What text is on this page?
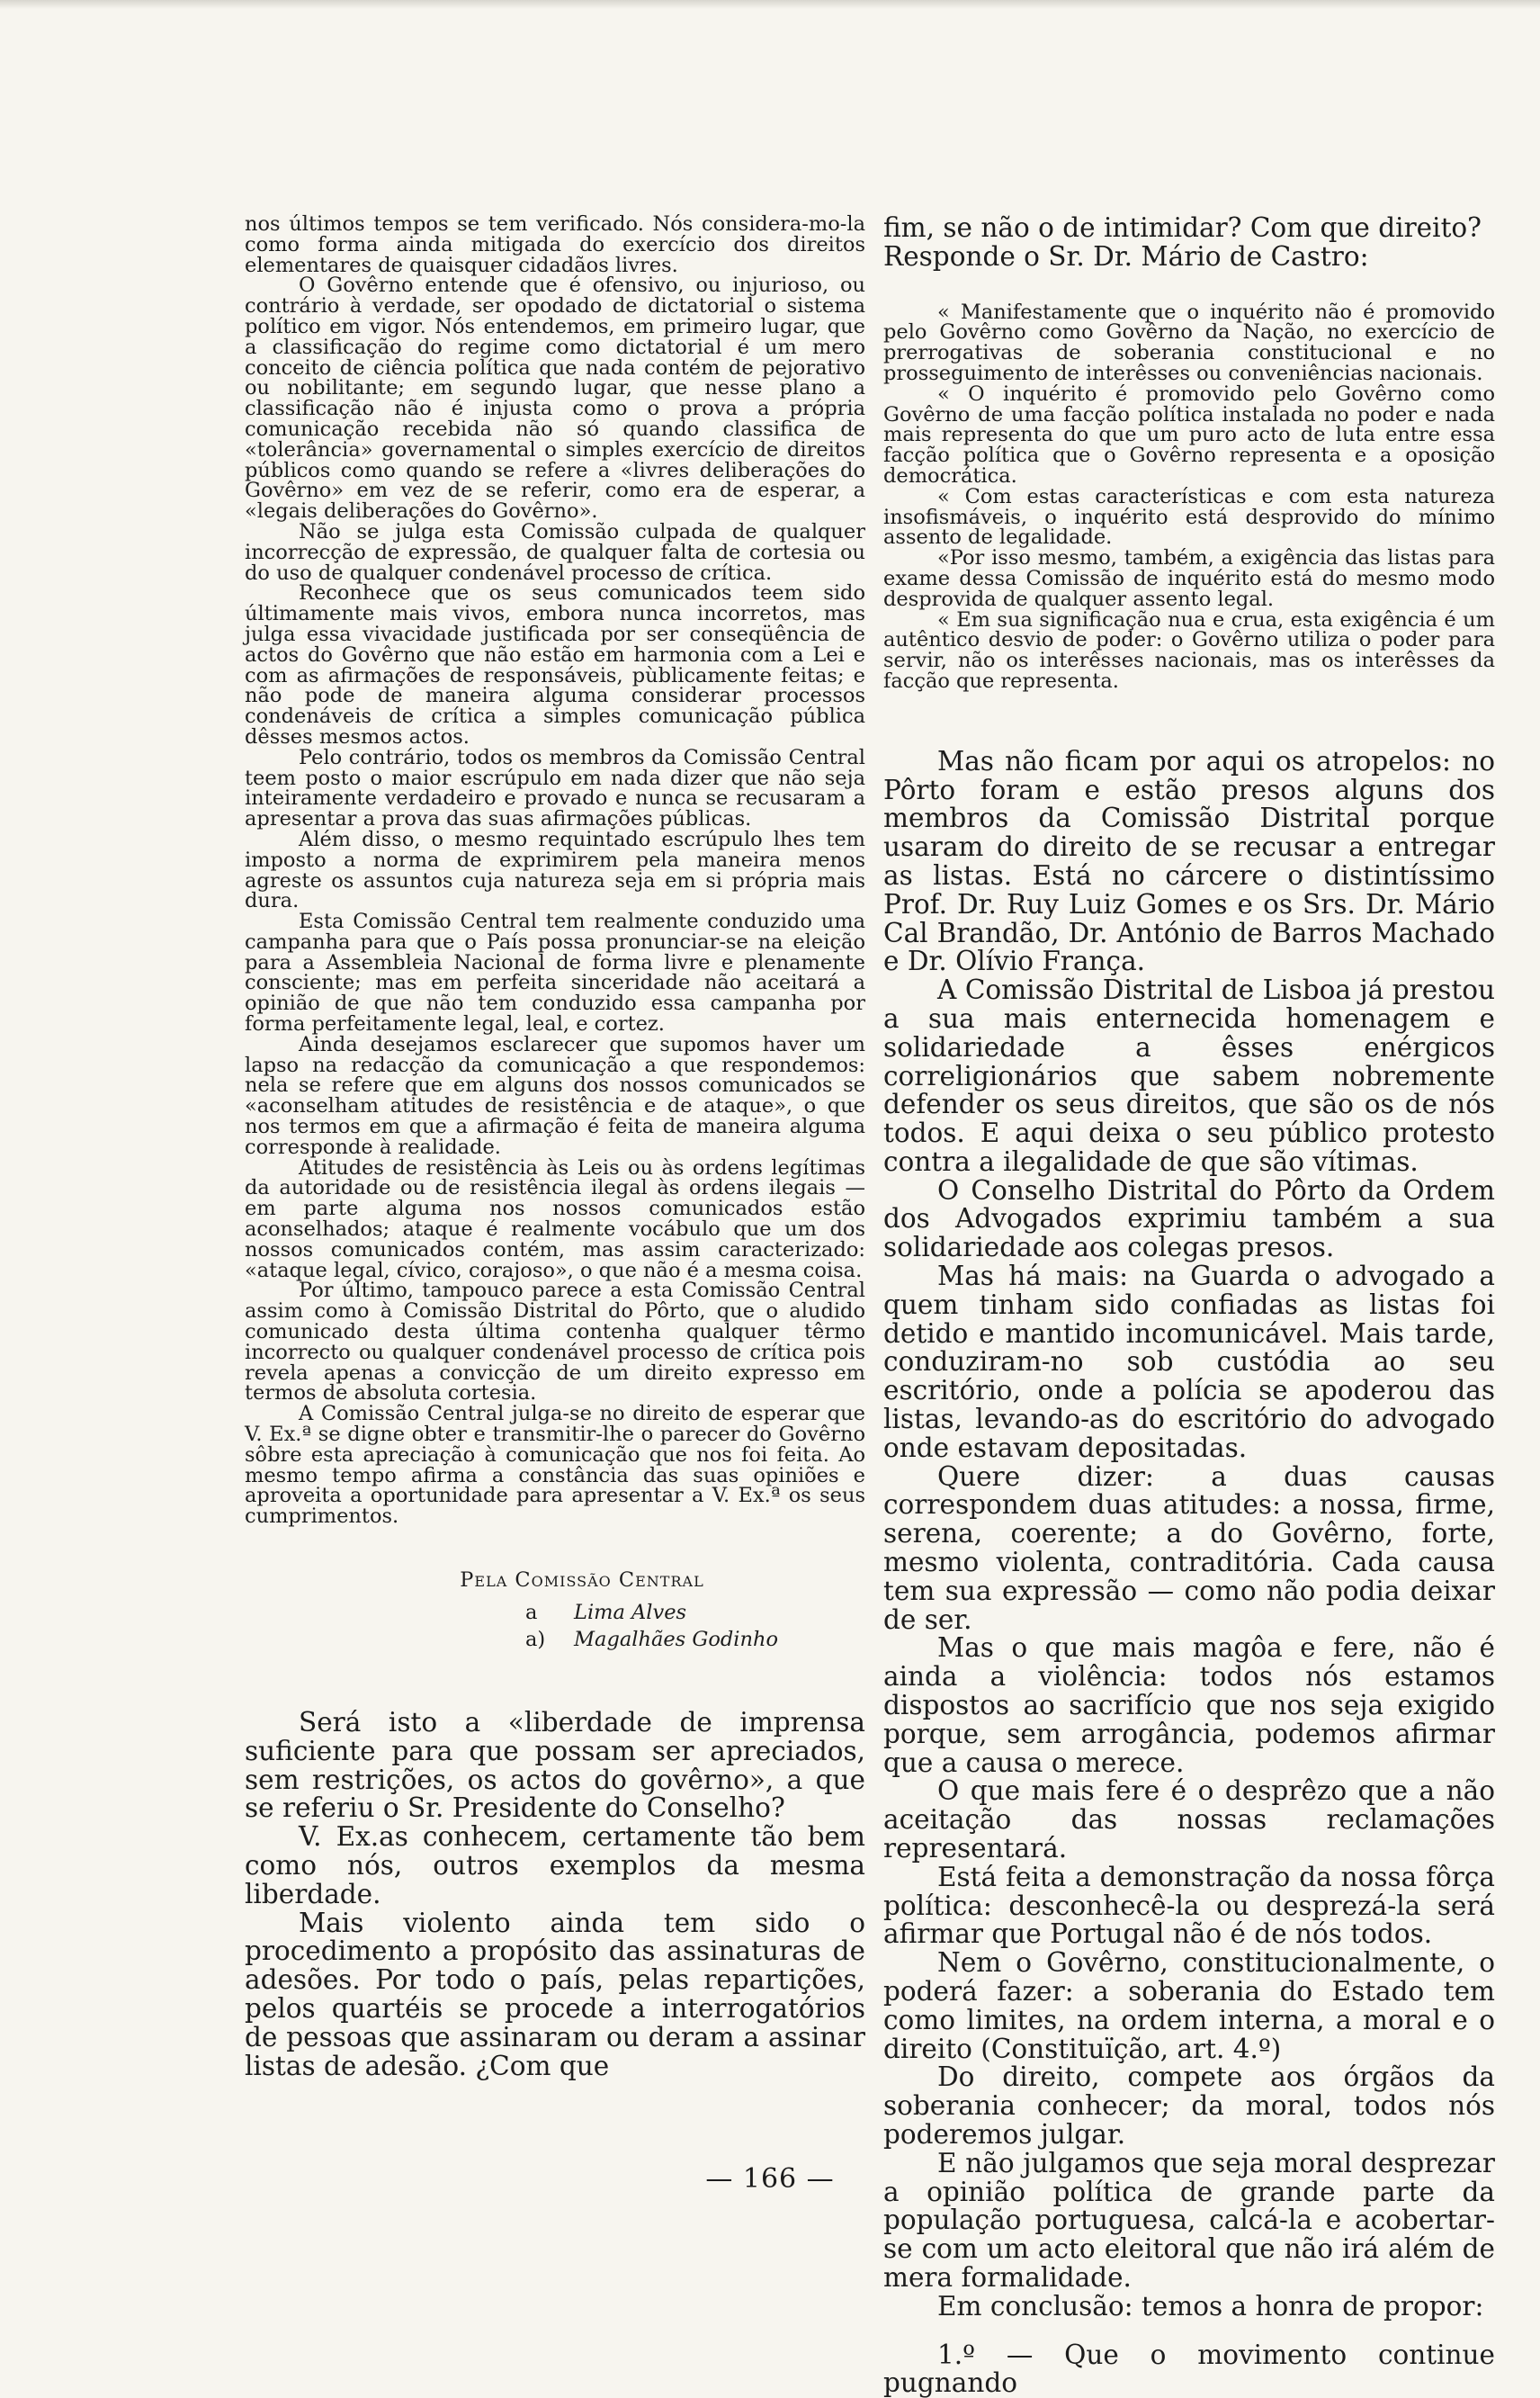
nos últimos tempos se tem verificado. Nós considera-mo-la como forma ainda mitigada do exercício dos direitos elementares de quaisquer cidadãos livres.

O Govêrno entende que é ofensivo, ou injurioso, ou contrário à verdade, ser opodado de dictatorial o sistema político em vigor. Nós entendemos, em primeiro lugar, que a classificação do regime como dictatorial é um mero conceito de ciência política que nada contém de pejorativo ou nobilitante; em segundo lugar, que nesse plano a classificação não é injusta como o prova a própria comunicação recebida não só quando classifica de «tolerância» governamental o simples exercício de direitos públicos como quando se refere a «livres deliberações do Govêrno» em vez de se referir, como era de esperar, a «legais deliberações do Govêrno».

Não se julga esta Comissão culpada de qualquer incorrecção de expressão, de qualquer falta de cortesia ou do uso de qualquer condenável processo de crítica.

Reconhece que os seus comunicados teem sido últimamente mais vivos, embora nunca incorretos, mas julga essa vivacidade justificada por ser conseqüência de actos do Govêrno que não estão em harmonia com a Lei e com as afirmações de responsáveis, pùblicamente feitas; e não pode de maneira alguma considerar processos condenáveis de crítica a simples comunicação pública dêsses mesmos actos.

Pelo contrário, todos os membros da Comissão Central teem posto o maior escrúpulo em nada dizer que não seja inteiramente verdadeiro e provado e nunca se recusaram a apresentar a prova das suas afirmações públicas.

Além disso, o mesmo requintado escrúpulo lhes tem imposto a norma de exprimirem pela maneira menos agreste os assuntos cuja natureza seja em si própria mais dura.

Esta Comissão Central tem realmente conduzido uma campanha para que o País possa pronunciar-se na eleição para a Assembleia Nacional de forma livre e plenamente consciente; mas em perfeita sinceridade não aceitará a opinião de que não tem conduzido essa campanha por forma perfeitamente legal, leal, e cortez.

Ainda desejamos esclarecer que supomos haver um lapso na redacção da comunicação a que respondemos: nela se refere que em alguns dos nossos comunicados se «aconselham atitudes de resistência e de ataque», o que nos termos em que a afirmação é feita de maneira alguma corresponde à realidade.

Atitudes de resistência às Leis ou às ordens legítimas da autoridade ou de resistência ilegal às ordens ilegais — em parte alguma nos nossos comunicados estão aconselhados; ataque é realmente vocábulo que um dos nossos comunicados contém, mas assim caracterizado: «ataque legal, cívico, corajoso», o que não é a mesma coisa.

Por último, tampouco parece a esta Comissão Central assim como à Comissão Distrital do Pôrto, que o aludido comunicado desta última contenha qualquer têrmo incorrecto ou qualquer condenável processo de crítica pois revela apenas a convicção de um direito expresso em termos de absoluta cortesia.

A Comissão Central julga-se no direito de esperar que V. Ex.ª se digne obter e transmitir-lhe o parecer do Govêrno sôbre esta apreciação à comunicação que nos foi feita. Ao mesmo tempo afirma a constância das suas opiniões e aproveita a oportunidade para apresentar a V. Ex.ª os seus cumprimentos.

Pela Comissão Central
a a)
Lima Alves
Magalhães Godinho

Será isto a «liberdade de imprensa suficiente para que possam ser apreciados, sem restrições, os actos do govêrno», a que se referiu o Sr. Presidente do Conselho?

V. Ex.as conhecem, certamente tão bem como nós, outros exemplos da mesma liberdade.

Mais violento ainda tem sido o procedimento a propósito das assinaturas de adesões. Por todo o país, pelas repartições, pelos quartéis se procede a interrogatórios de pessoas que assinaram ou deram a assinar listas de adesão. ¿Com que

fim, se não o de intimidar? Com que direito? Responde o Sr. Dr. Mário de Castro:

« Manifestamente que o inquérito não é promovido pelo Govêrno como Govêrno da Nação, no exercício de prerrogativas de soberania constitucional e no prosseguimento de interêsses ou conveniências nacionais.

« O inquérito é promovido pelo Govêrno como Govêrno de uma facção política instalada no poder e nada mais representa do que um puro acto de luta entre essa facção política que o Govêrno representa e a oposição democrática.

« Com estas características e com esta natureza insofismáveis, o inquérito está desprovido do mínimo assento de legalidade.

«Por isso mesmo, também, a exigência das listas para exame dessa Comissão de inquérito está do mesmo modo desprovida de qualquer assento legal.

« Em sua significação nua e crua, esta exigência é um autêntico desvio de poder: o Govêrno utiliza o poder para servir, não os interêsses nacionais, mas os interêsses da facção que representa.

Mas não ficam por aqui os atropelos: no Pôrto foram e estão presos alguns dos membros da Comissão Distrital porque usaram do direito de se recusar a entregar as listas. Está no cárcere o distintíssimo Prof. Dr. Ruy Luiz Gomes e os Srs. Dr. Mário Cal Brandão, Dr. António de Barros Machado e Dr. Olívio França.

A Comissão Distrital de Lisboa já prestou a sua mais enternecida homenagem e solidariedade a êsses enérgicos correligionários que sabem nobremente defender os seus direitos, que são os de nós todos. E aqui deixa o seu público protesto contra a ilegalidade de que são vítimas.

O Conselho Distrital do Pôrto da Ordem dos Advogados exprimiu também a sua solidariedade aos colegas presos.

Mas há mais: na Guarda o advogado a quem tinham sido confiadas as listas foi detido e mantido incomunicável. Mais tarde, conduziram-no sob custódia ao seu escritório, onde a polícia se apoderou das listas, levando-as do escritório do advogado onde estavam depositadas.

Quere dizer: a duas causas correspondem duas atitudes: a nossa, firme, serena, coerente; a do Govêrno, forte, mesmo violenta, contraditória. Cada causa tem sua expressão — como não podia deixar de ser.

Mas o que mais magôa e fere, não é ainda a violência: todos nós estamos dispostos ao sacrifício que nos seja exigido porque, sem arrogância, podemos afirmar que a causa o merece.

O que mais fere é o desprêzo que a não aceitação das nossas reclamações representará.

Está feita a demonstração da nossa fôrça política: desconhecê-la ou desprezá-la será afirmar que Portugal não é de nós todos.

Nem o Govêrno, constitucionalmente, o poderá fazer: a soberania do Estado tem como limites, na ordem interna, a moral e o direito (Constituïção, art. 4.º)

Do direito, compete aos órgãos da soberania conhecer; da moral, todos nós poderemos julgar.

E não julgamos que seja moral desprezar a opinião política de grande parte da população portuguesa, calcá-la e acobertar-se com um acto eleitoral que não irá além de mera formalidade.

Em conclusão: temos a honra de propor:

1.º — Que o movimento continue pugnando

— 166 —
